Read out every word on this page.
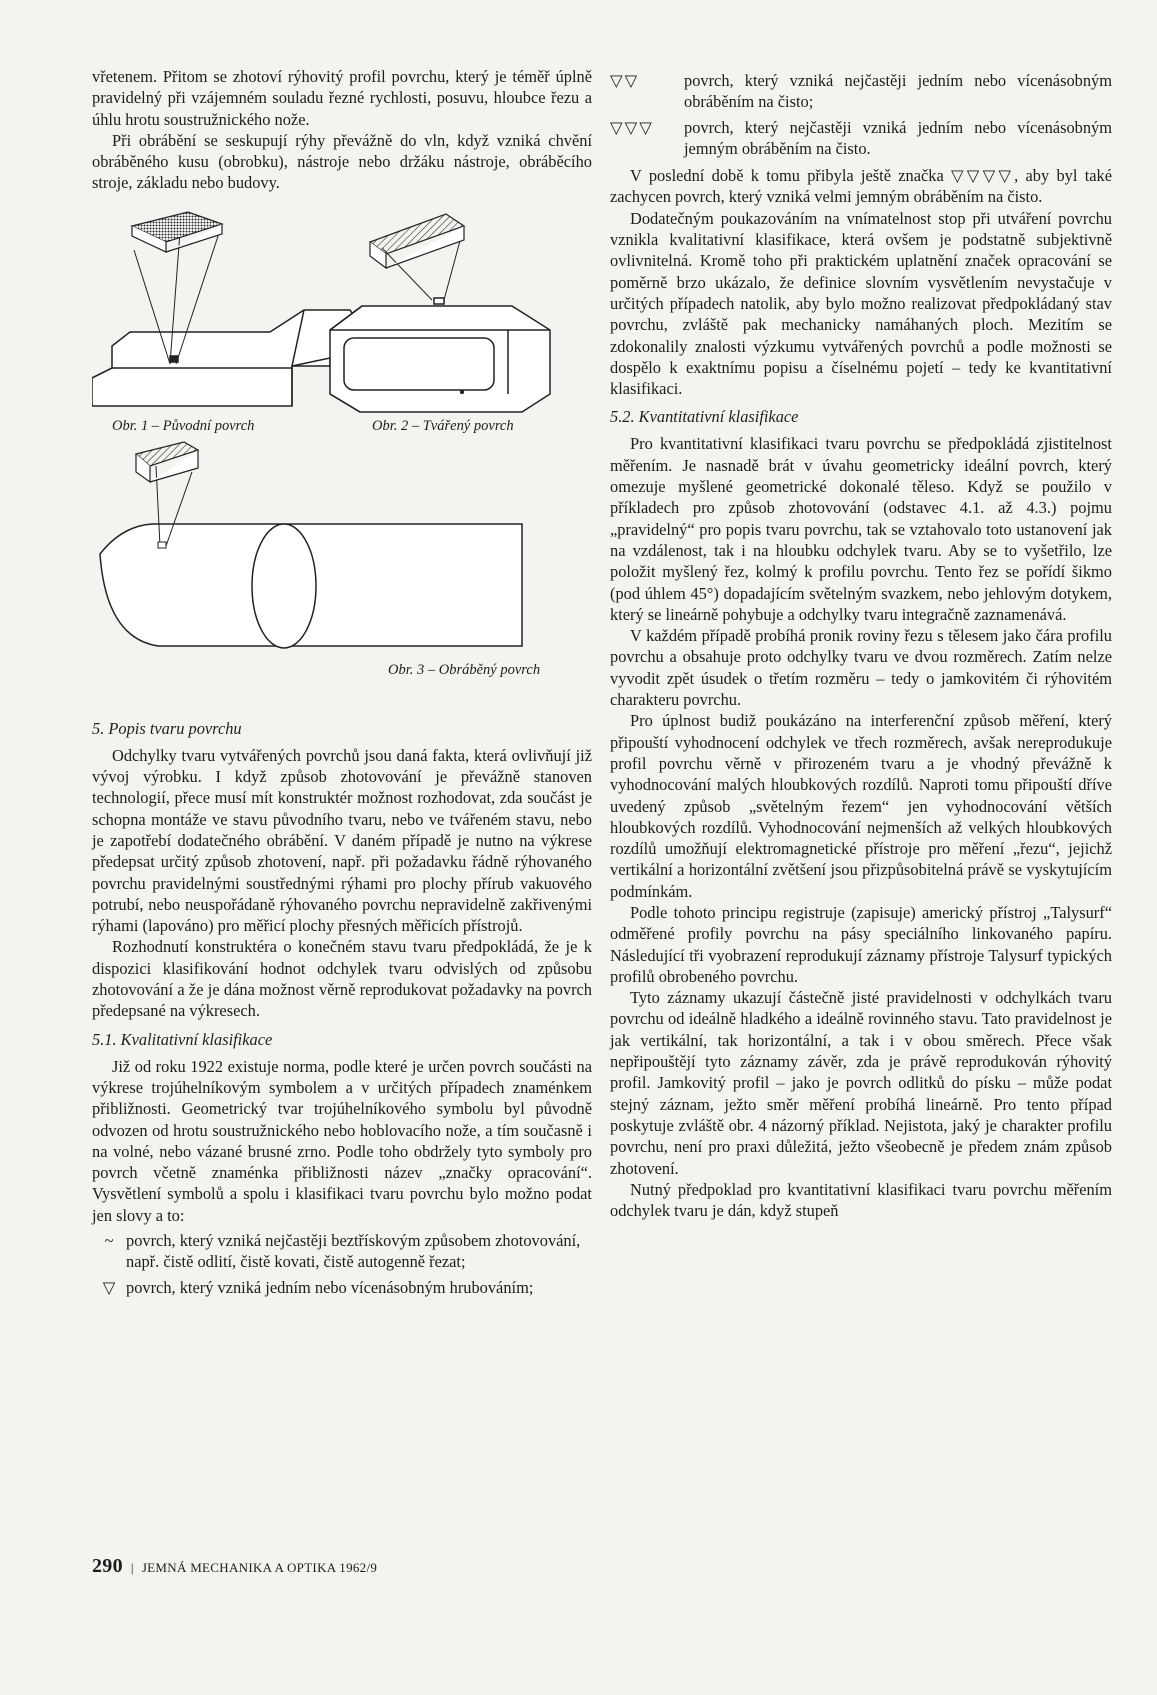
vřetenem. Přitom se zhotoví rýhovitý profil povrchu, který je téměř úplně pravidelný při vzájemném souladu řezné rychlosti, posuvu, hloubce řezu a úhlu hrotu soustružnického nože.

Při obrábění se seskupují rýhy převážně do vln, když vzniká chvění obráběného kusu (obrobku), nástroje nebo držáku nástroje, obráběcího stroje, základu nebo budovy.

Obr. 1 – Původní povrch	Obr. 2 – Tvářený povrch
Obr. 3 – Obráběný povrch
5. Popis tvaru povrchu

Odchylky tvaru vytvářených povrchů jsou daná fakta, která ovlivňují již vývoj výrobku. I když způsob zhotovování je převážně stanoven technologií, přece musí mít konstruktér možnost rozhodovat, zda součást je schopna montáže ve stavu původního tvaru, nebo ve tvářeném stavu, nebo je zapotřebí dodatečného obrábění. V daném případě je nutno na výkrese předepsat určitý způsob zhotovení, např. při požadavku řádně rýhovaného povrchu pravidelnými soustřednými rýhami pro plochy přírub vakuového potrubí, nebo neuspořádaně rýhovaného povrchu nepravidelně zakřivenými rýhami (lapováno) pro měřicí plochy přesných měřicích přístrojů.

Rozhodnutí konstruktéra o konečném stavu tvaru předpokládá, že je k dispozici klasifikování hodnot odchylek tvaru odvislých od způsobu zhotovování a že je dána možnost věrně reprodukovat požadavky na povrch předepsané na výkresech.

5.1. Kvalitativní klasifikace

Již od roku 1922 existuje norma, podle které je určen povrch součásti na výkrese trojúhelníkovým symbolem a v určitých případech znaménkem přibližnosti. Geometrický tvar trojúhelníkového symbolu byl původně odvozen od hrotu soustružnického nebo hoblovacího nože, a tím současně i na volné, nebo vázané brusné zrno. Podle toho obdržely tyto symboly pro povrch včetně znaménka přibližnosti název „značky opracování“. Vysvětlení symbolů a spolu i klasifikaci tvaru povrchu bylo možno podat jen slovy a to:

~ povrch, který vzniká nejčastěji beztřískovým způsobem zhotovování, např. čistě odlití, čistě kovati, čistě autogenně řezat;
▽ povrch, který vzniká jedním nebo vícenásobným hrubováním;
▽▽	povrch, který vzniká nejčastěji jedním nebo vícenásobným obráběním na čisto;
▽▽▽	povrch, který nejčastěji vzniká jedním nebo vícenásobným jemným obráběním na čisto.

V poslední době k tomu přibyla ještě značka ▽▽▽▽, aby byl také zachycen povrch, který vzniká velmi jemným obráběním na čisto.

Dodatečným poukazováním na vnímatelnost stop při utváření povrchu vznikla kvalitativní klasifikace, která ovšem je podstatně subjektivně ovlivnitelná. Kromě toho při praktickém uplatnění značek opracování se poměrně brzo ukázalo, že definice slovním vysvětlením nevystačuje v určitých případech natolik, aby bylo možno realizovat předpokládaný stav povrchu, zvláště pak mechanicky namáhaných ploch. Mezitím se zdokonalily znalosti výzkumu vytvářených povrchů a podle možnosti se dospělo k exaktnímu popisu a číselnému pojetí – tedy ke kvantitativní klasifikaci.

5.2. Kvantitativní klasifikace

Pro kvantitativní klasifikaci tvaru povrchu se předpokládá zjistitelnost měřením. Je nasnadě brát v úvahu geometricky ideální povrch, který omezuje myšlené geometrické dokonalé těleso. Když se použilo v příkladech pro způsob zhotovování (odstavec 4.1. až 4.3.) pojmu „pravidelný“ pro popis tvaru povrchu, tak se vztahovalo toto ustanovení jak na vzdálenost, tak i na hloubku odchylek tvaru. Aby se to vyšetřilo, lze položit myšlený řez, kolmý k profilu povrchu. Tento řez se pořídí šikmo (pod úhlem 45°) dopadajícím světelným svazkem, nebo jehlovým dotykem, který se lineárně pohybuje a odchylky tvaru integračně zaznamenává.

V každém případě probíhá pronik roviny řezu s tělesem jako čára profilu povrchu a obsahuje proto odchylky tvaru ve dvou rozměrech. Zatím nelze vyvodit zpět úsudek o třetím rozměru – tedy o jamkovitém či rýhovitém charakteru povrchu.

Pro úplnost budiž poukázáno na interferenční způsob měření, který připouští vyhodnocení odchylek ve třech rozměrech, avšak nereprodukuje profil povrchu věrně v přirozeném tvaru a je vhodný převážně k vyhodnocování malých hloubkových rozdílů. Naproti tomu připouští dříve uvedený způsob „světelným řezem“ jen vyhodnocování větších hloubkových rozdílů. Vyhodnocování nejmenších až velkých hloubkových rozdílů umožňují elektromagnetické přístroje pro měření „řezu“, jejichž vertikální a horizontální zvětšení jsou přizpůsobitelná právě se vyskytujícím podmínkám.

Podle tohoto principu registruje (zapisuje) americký přístroj „Talysurf“ odměřené profily povrchu na pásy speciálního linkovaného papíru. Následující tři vyobrazení reprodukují záznamy přístroje Talysurf typických profilů obrobeného povrchu.

Tyto záznamy ukazují částečně jisté pravidelnosti v odchylkách tvaru povrchu od ideálně hladkého a ideálně rovinného stavu. Tato pravidelnost je jak vertikální, tak horizontální, a tak i v obou směrech. Přece však nepřipouštějí tyto záznamy závěr, zda je právě reprodukován rýhovitý profil. Jamkovitý profil – jako je povrch odlitků do písku – může podat stejný záznam, ježto směr měření probíhá lineárně. Pro tento případ poskytuje zvláště obr. 4 názorný příklad. Nejistota, jaký je charakter profilu povrchu, není pro praxi důležitá, ježto všeobecně je předem znám způsob zhotovení.

Nutný předpoklad pro kvantitativní klasifikaci tvaru povrchu měřením odchylek tvaru je dán, když stupeň

290 | JEMNÁ MECHANIKA A OPTIKA 1962/9
